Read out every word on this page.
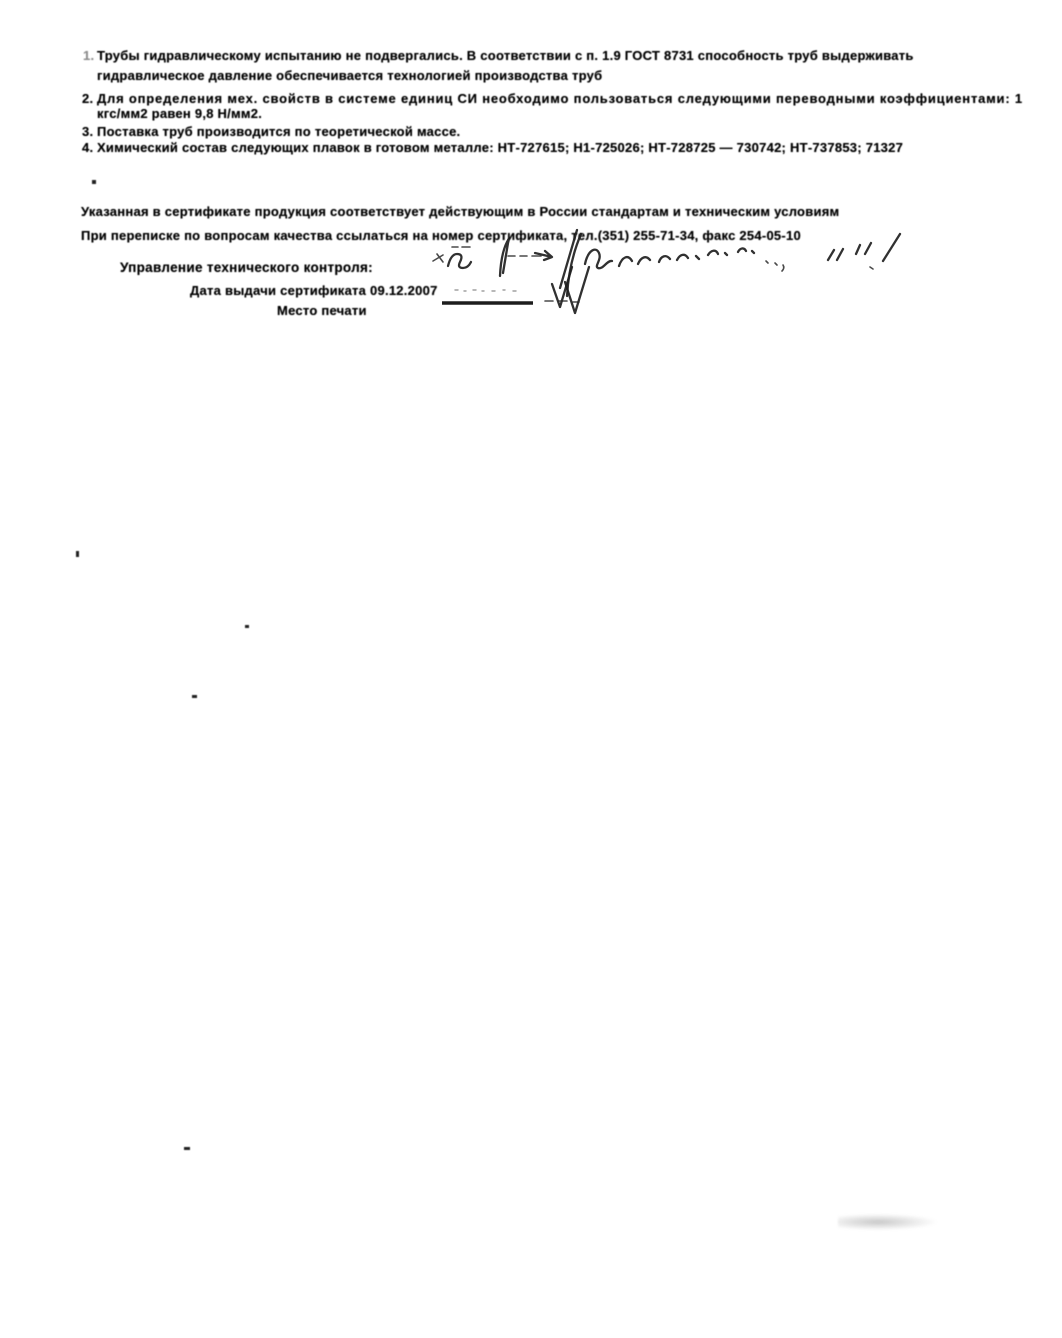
1. Трубы гидравлическому испытанию не подвергались. В соответствии с п. 1.9 ГОСТ 8731 способность труб выдерживать
гидравлическое давление обеспечивается технологией производства труб
2. Для определения мех. свойств в системе единиц СИ необходимо пользоваться следующими переводными коэффициентами: 1
кгс/мм2 равен 9,8 Н/мм2.
3. Поставка труб производится по теоретической массе.
4. Химический состав следующих плавок в готовом металле: НТ-727615; Н1-725026; НТ-728725 — 730742; НТ-737853; 71327
Указанная в сертификате продукция соответствует действующим в России стандартам и техническим условиям
При переписке по вопросам качества ссылаться на номер сертификата, тел.(351) 255-71-34, факс 254-05-10
Управление технического контроля:
Дата выдачи сертификата 09.12.2007
Место печати
